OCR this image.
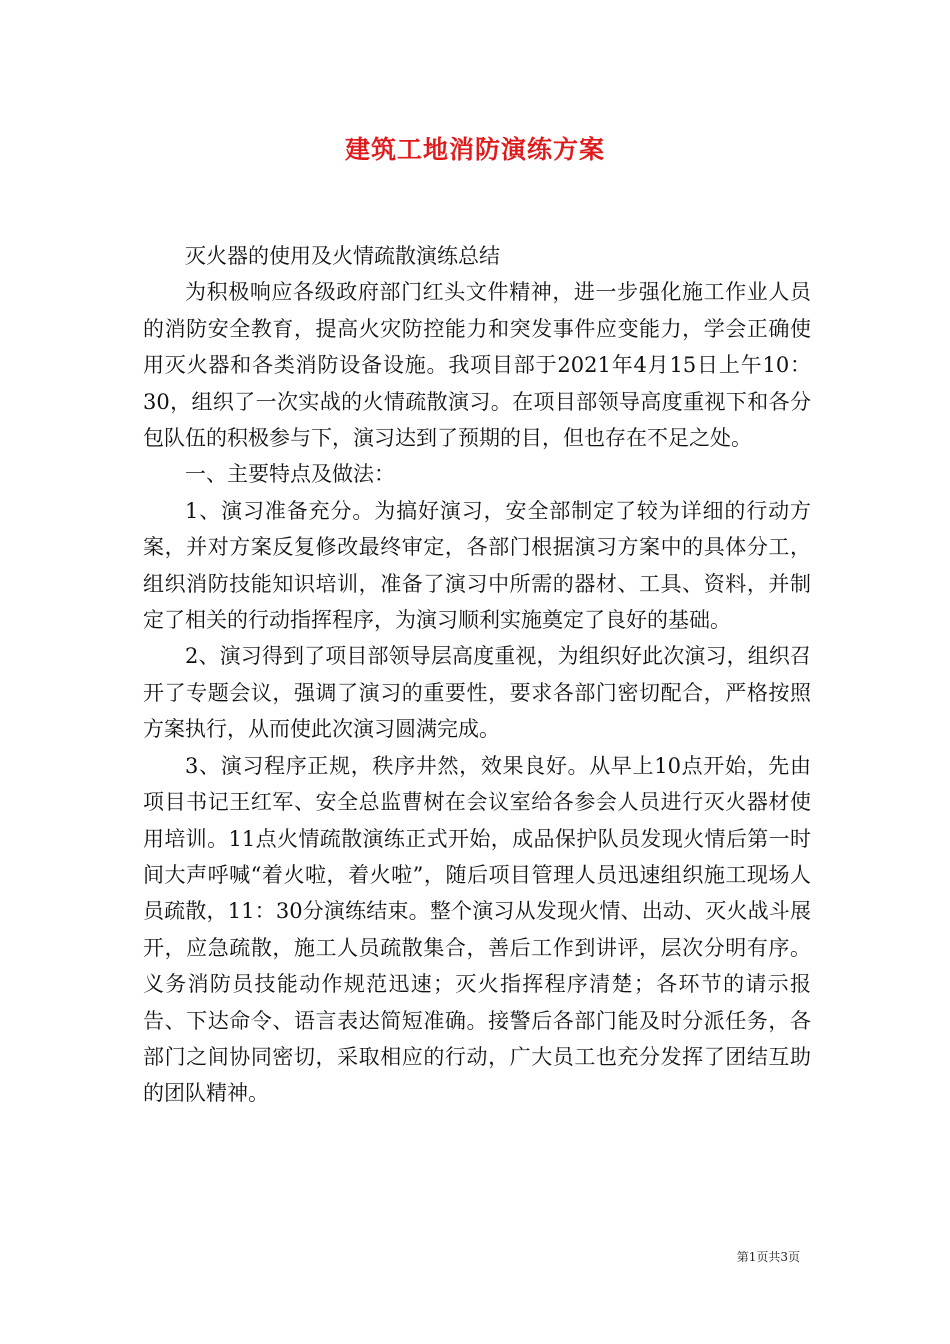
建筑工地消防演练方案

灭火器的使用及火情疏散演练总结

为积极响应各级政府部门红头文件精神，进一步强化施工作业人员的消防安全教育，提高火灾防控能力和突发事件应变能力，学会正确使用灭火器和各类消防设备设施。我项目部于2021年4月15日上午10：30，组织了一次实战的火情疏散演习。在项目部领导高度重视下和各分包队伍的积极参与下，演习达到了预期的目，但也存在不足之处。

一、主要特点及做法：

1、演习准备充分。为搞好演习，安全部制定了较为详细的行动方案，并对方案反复修改最终审定，各部门根据演习方案中的具体分工，组织消防技能知识培训，准备了演习中所需的器材、工具、资料，并制定了相关的行动指挥程序，为演习顺利实施奠定了良好的基础。

2、演习得到了项目部领导层高度重视，为组织好此次演习，组织召开了专题会议，强调了演习的重要性，要求各部门密切配合，严格按照方案执行，从而使此次演习圆满完成。

3、演习程序正规，秩序井然，效果良好。从早上10点开始，先由项目书记王红军、安全总监曹树在会议室给各参会人员进行灭火器材使用培训。11点火情疏散演练正式开始，成品保护队员发现火情后第一时间大声呼喊“着火啦，着火啦”，随后项目管理人员迅速组织施工现场人员疏散，11：30分演练结束。整个演习从发现火情、出动、灭火战斗展开，应急疏散，施工人员疏散集合，善后工作到讲评，层次分明有序。义务消防员技能动作规范迅速；灭火指挥程序清楚；各环节的请示报告、下达命令、语言表达简短准确。接警后各部门能及时分派任务，各部门之间协同密切，采取相应的行动，广大员工也充分发挥了团结互助的团队精神。

第1页共3页
